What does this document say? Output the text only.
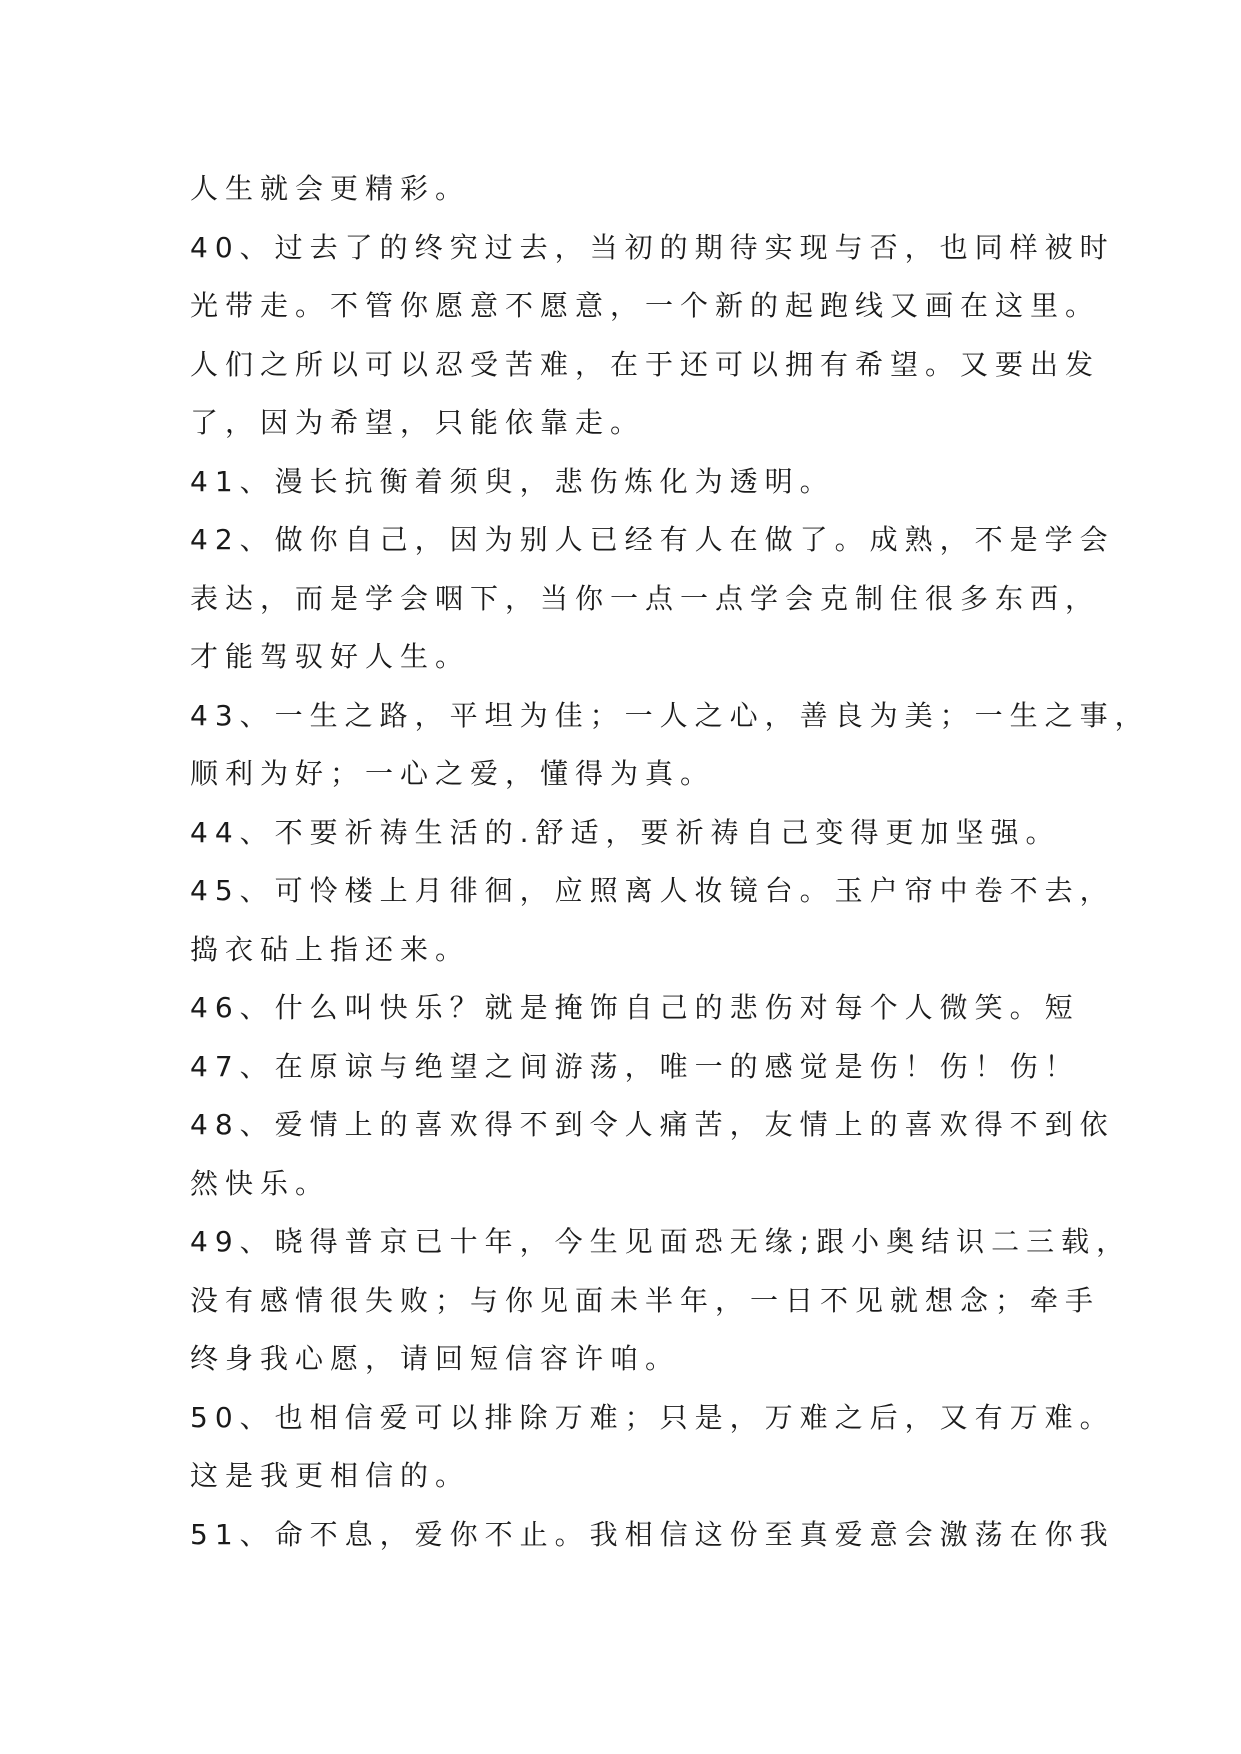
人生就会更精彩。
40、过去了的终究过去，当初的期待实现与否，也同样被时
光带走。不管你愿意不愿意，一个新的起跑线又画在这里。
人们之所以可以忍受苦难，在于还可以拥有希望。又要出发
了，因为希望，只能依靠走。
41、漫长抗衡着须臾，悲伤炼化为透明。
42、做你自己，因为别人已经有人在做了。成熟，不是学会
表达，而是学会咽下，当你一点一点学会克制住很多东西，
才能驾驭好人生。
43、一生之路，平坦为佳；一人之心，善良为美；一生之事，
顺利为好；一心之爱，懂得为真。
44、不要祈祷生活的.舒适，要祈祷自己变得更加坚强。
45、可怜楼上月徘徊，应照离人妆镜台。玉户帘中卷不去，
捣衣砧上指还来。
46、什么叫快乐？就是掩饰自己的悲伤对每个人微笑。短
47、在原谅与绝望之间游荡，唯一的感觉是伤！伤！伤！
48、爱情上的喜欢得不到令人痛苦，友情上的喜欢得不到依
然快乐。
49、晓得普京已十年，今生见面恐无缘;跟小奥结识二三载，
没有感情很失败；与你见面未半年，一日不见就想念；牵手
终身我心愿，请回短信容许咱。
50、也相信爱可以排除万难；只是，万难之后，又有万难。
这是我更相信的。
51、命不息，爱你不止。我相信这份至真爱意会激荡在你我
